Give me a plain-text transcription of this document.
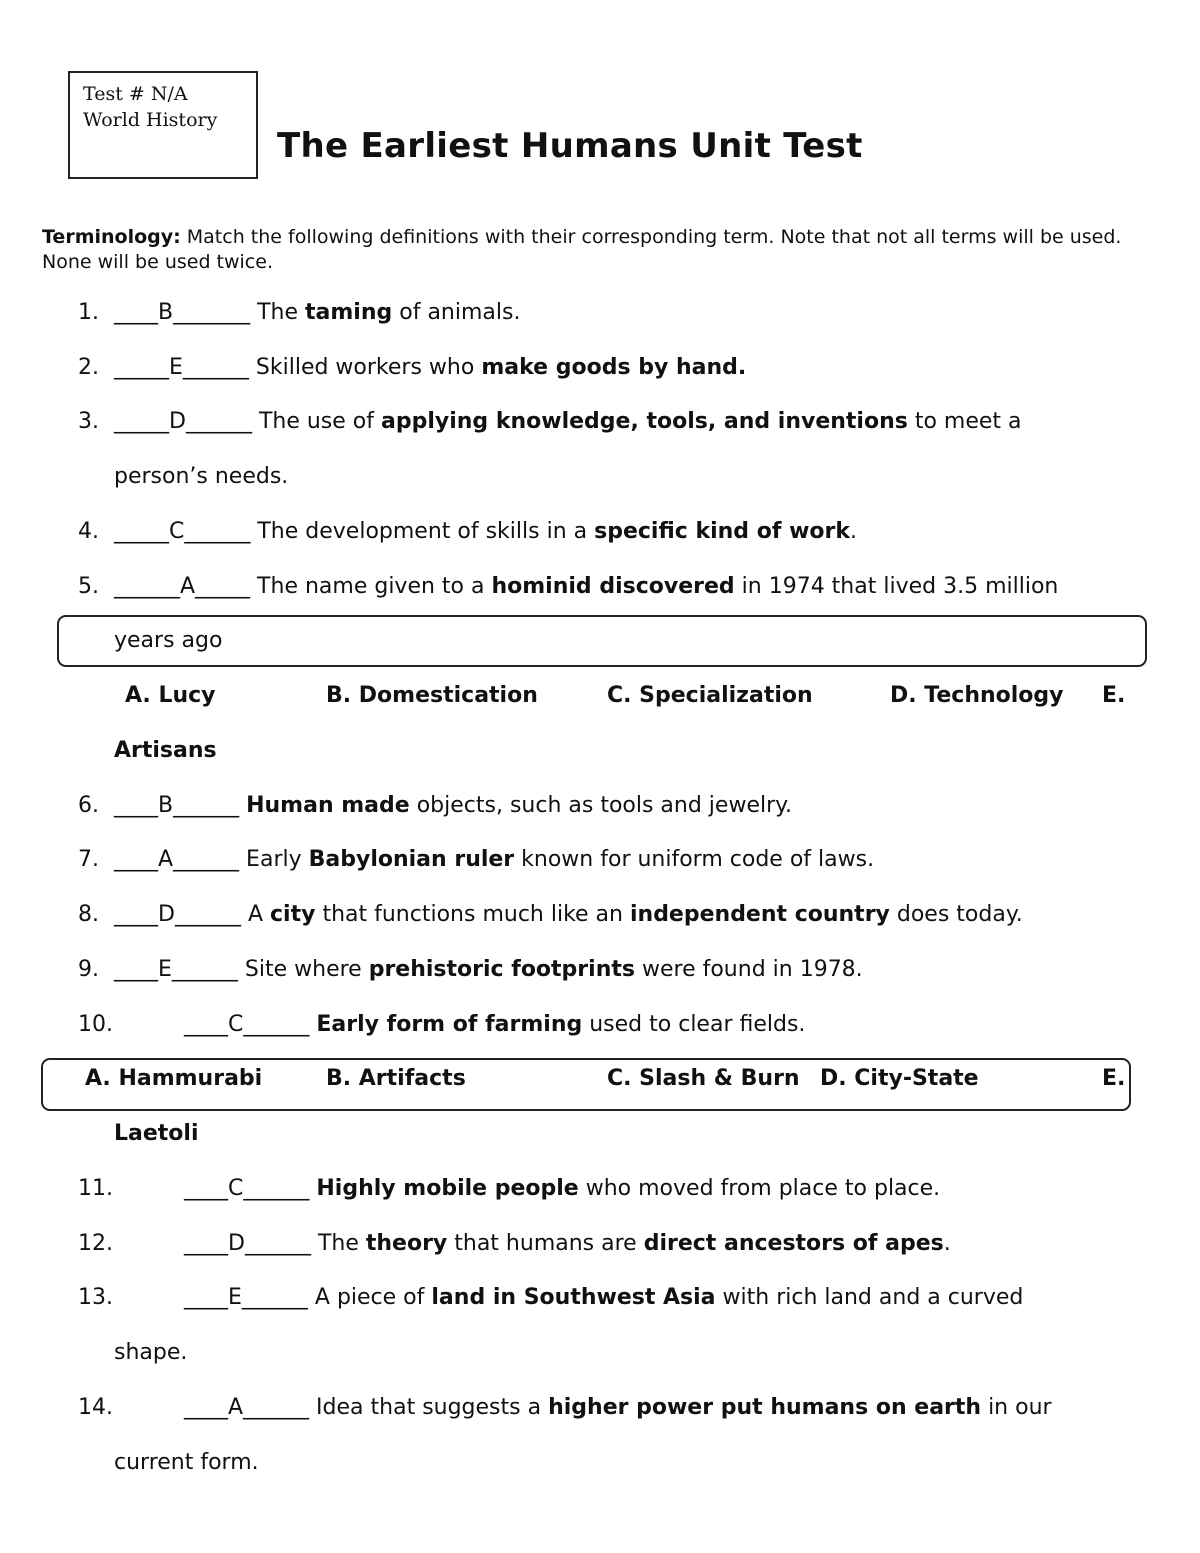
Test # N/A
World History
The Earliest Humans Unit Test
Terminology: Match the following definitions with their corresponding term. Note that not all terms will be used. None will be used twice.
1. ____B_______ The taming of animals.
2. _____E______ Skilled workers who make goods by hand.
3. _____D______ The use of applying knowledge, tools, and inventions to meet a
person’s needs.
4. _____C______ The development of skills in a specific kind of work.
5. ______A_____ The name given to a hominid discovered in 1974 that lived 3.5 million
years ago
A. Lucy	B. Domestication	C. Specialization	D. Technology E.
Artisans
6. ____B______ Human made objects, such as tools and jewelry.
7. ____A______ Early Babylonian ruler known for uniform code of laws.
8. ____D______ A city that functions much like an independent country does today.
9. ____E______ Site where prehistoric footprints were found in 1978.
10.	____C______ Early form of farming used to clear fields.
A. Hammurabi	B. Artifacts	C. Slash & Burn D. City-State	E.
Laetoli
11.	____C______ Highly mobile people who moved from place to place.
12.	____D______ The theory that humans are direct ancestors of apes.
13.	____E______ A piece of land in Southwest Asia with rich land and a curved
shape.
14.	____A______ Idea that suggests a higher power put humans on earth in our
current form.
